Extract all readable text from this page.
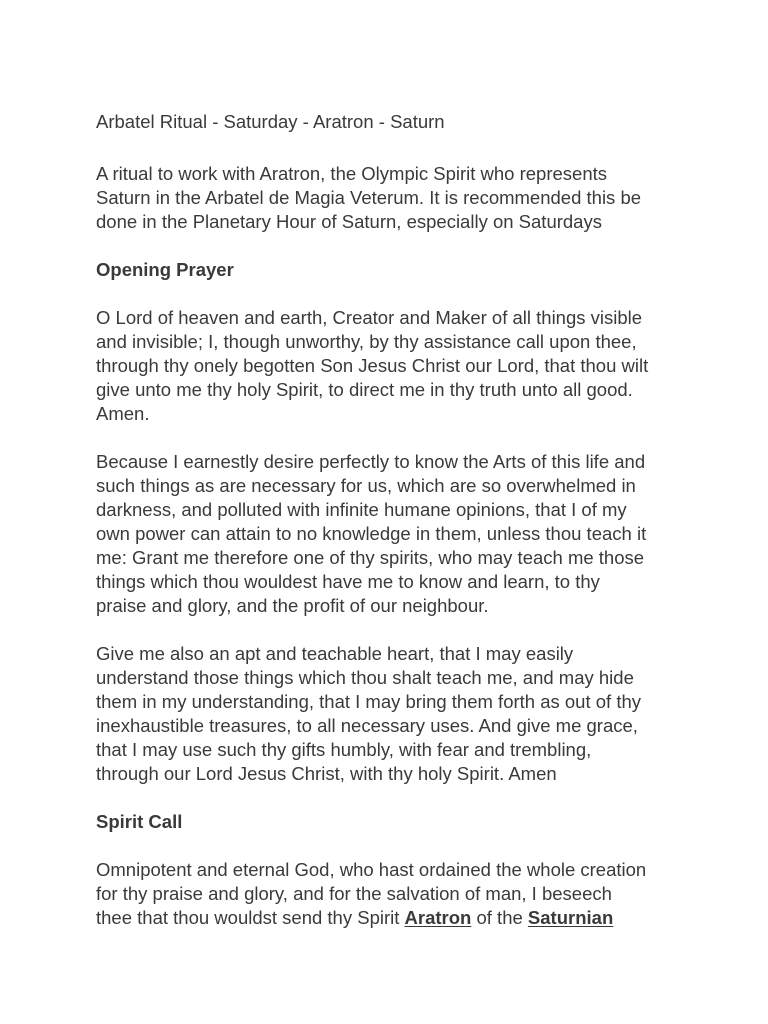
Arbatel Ritual - Saturday - Aratron - Saturn

A ritual to work with Aratron, the Olympic Spirit who represents
Saturn in the Arbatel de Magia Veterum. It is recommended this be
done in the Planetary Hour of Saturn, especially on Saturdays

Opening Prayer

O Lord of heaven and earth, Creator and Maker of all things visible
and invisible; I, though unworthy, by thy assistance call upon thee,
through thy onely begotten Son Jesus Christ our Lord, that thou wilt
give unto me thy holy Spirit, to direct me in thy truth unto all good.
Amen.

Because I earnestly desire perfectly to know the Arts of this life and
such things as are necessary for us, which are so overwhelmed in
darkness, and polluted with infinite humane opinions, that I of my
own power can attain to no knowledge in them, unless thou teach it
me: Grant me therefore one of thy spirits, who may teach me those
things which thou wouldest have me to know and learn, to thy
praise and glory, and the profit of our neighbour.

Give me also an apt and teachable heart, that I may easily
understand those things which thou shalt teach me, and may hide
them in my understanding, that I may bring them forth as out of thy
inexhaustible treasures, to all necessary uses. And give me grace,
that I may use such thy gifts humbly, with fear and trembling,
through our Lord Jesus Christ, with thy holy Spirit. Amen

Spirit Call

Omnipotent and eternal God, who hast ordained the whole creation
for thy praise and glory, and for the salvation of man, I beseech
thee that thou wouldst send thy Spirit Aratron of the Saturnian
